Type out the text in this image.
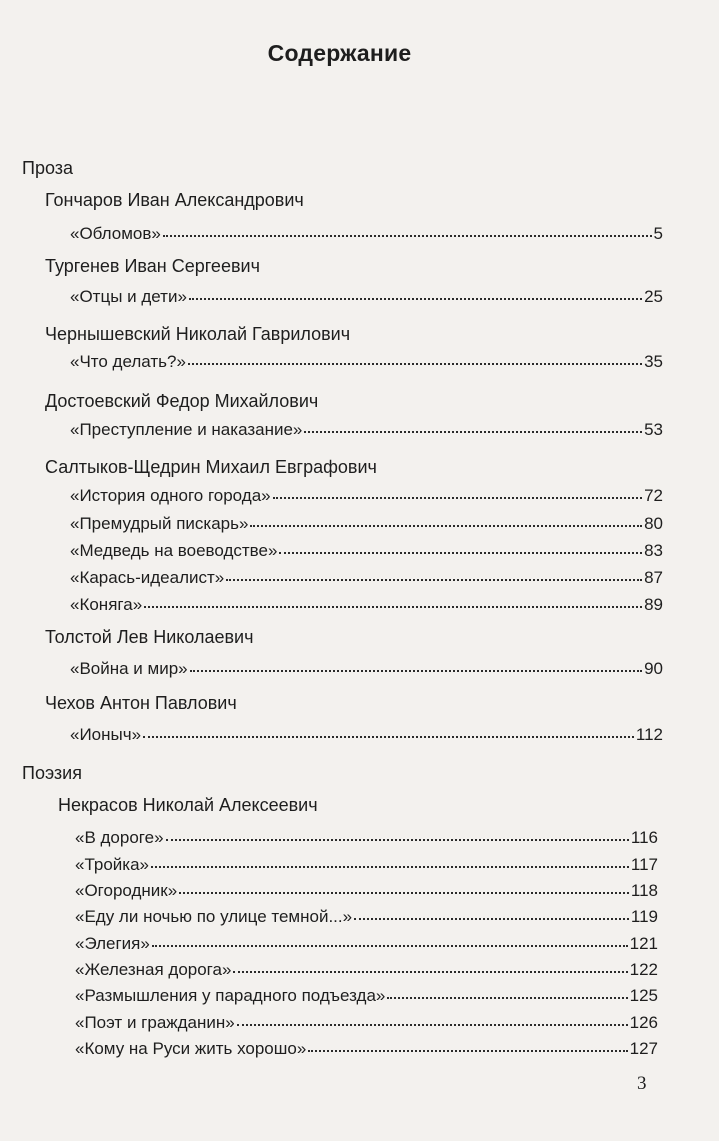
Содержание
Проза
Гончаров Иван Александрович
«Обломов»	5
Тургенев Иван Сергеевич
«Отцы и дети»	25
Чернышевский Николай Гаврилович
«Что делать?»	35
Достоевский Федор Михайлович
«Преступление и наказание»	53
Салтыков-Щедрин Михаил Евграфович
«История одного города»	72
«Премудрый пискарь»	80
«Медведь на воеводстве»	83
«Карась-идеалист»	87
«Коняга»	89
Толстой Лев Николаевич
«Война и мир»	90
Чехов Антон Павлович
«Ионыч»	112
Поэзия
Некрасов Николай Алексеевич
«В дороге»	116
«Тройка»	117
«Огородник»	118
«Еду ли ночью по улице темной...»	119
«Элегия»	121
«Железная дорога»	122
«Размышления у парадного подъезда»	125
«Поэт и гражданин»	126
«Кому на Руси жить хорошо»	127
3
